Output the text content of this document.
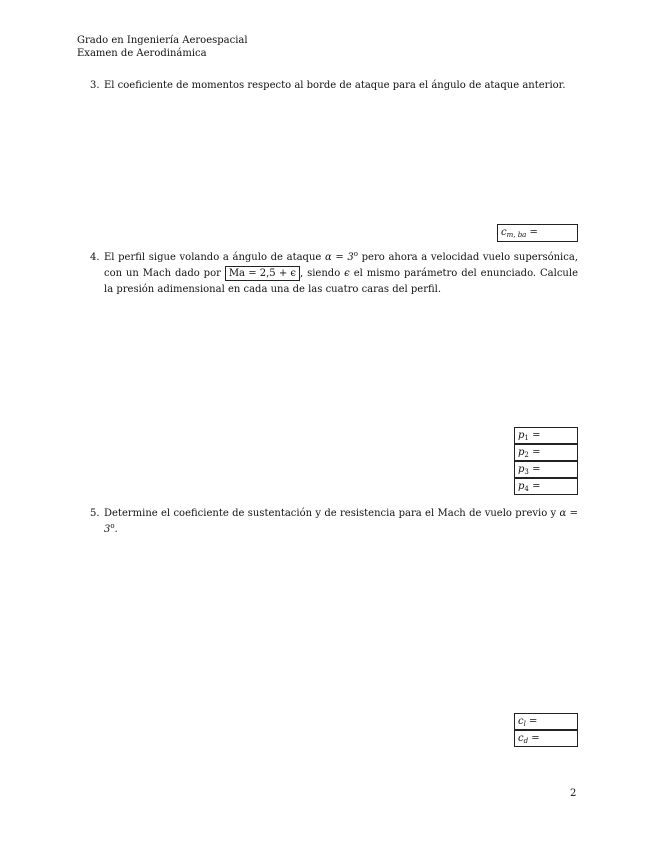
Grado en Ingeniería Aeroespacial
Examen de Aerodinámica
3. El coeficiente de momentos respecto al borde de ataque para el ángulo de ataque anterior.
$c_{m, ba}$ =
4. El perfil sigue volando a ángulo de ataque $\alpha = 3^o$ pero ahora a velocidad vuelo supersónica, con un Mach dado por Ma = 2,5 + ϵ , siendo ϵ el mismo parámetro del enunciado. Calcule la presión adimensional en cada una de las cuatro caras del perfil.
$p_1$ =
$p_2$ =
$p_3$ =
$p_4$ =
5. Determine el coeficiente de sustentación y de resistencia para el Mach de vuelo previo y $\alpha = 3^o$.
$c_l$ =
$c_d$ =
2
